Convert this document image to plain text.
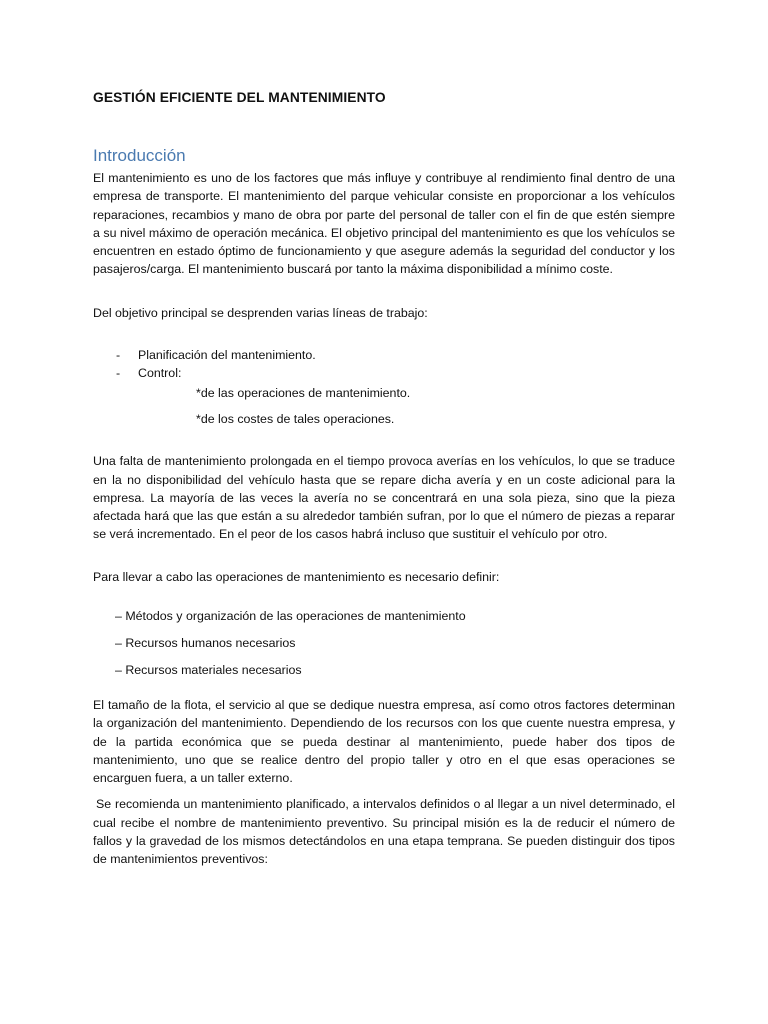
GESTIÓN EFICIENTE DEL MANTENIMIENTO
Introducción

El mantenimiento es uno de los factores que más influye y contribuye al rendimiento final dentro de una empresa de transporte. El mantenimiento del parque vehicular consiste en proporcionar a los vehículos reparaciones, recambios y mano de obra por parte del personal de taller con el fin de que estén siempre a su nivel máximo de operación mecánica. El objetivo principal del mantenimiento es que los vehículos se encuentren en estado óptimo de funcionamiento y que asegure además la seguridad del conductor y los pasajeros/carga. El mantenimiento buscará por tanto la máxima disponibilidad a mínimo coste.

Del objetivo principal se desprenden varias líneas de trabajo:

- Planificación del mantenimiento.
- Control:
*de las operaciones de mantenimiento.
*de los costes de tales operaciones.

Una falta de mantenimiento prolongada en el tiempo provoca averías en los vehículos, lo que se traduce en la no disponibilidad del vehículo hasta que se repare dicha avería y en un coste adicional para la empresa. La mayoría de las veces la avería no se concentrará en una sola pieza, sino que la pieza afectada hará que las que están a su alrededor también sufran, por lo que el número de piezas a reparar se verá incrementado. En el peor de los casos habrá incluso que sustituir el vehículo por otro.

Para llevar a cabo las operaciones de mantenimiento es necesario definir:

– Métodos y organización de las operaciones de mantenimiento
– Recursos humanos necesarios
– Recursos materiales necesarios

El tamaño de la flota, el servicio al que se dedique nuestra empresa, así como otros factores determinan la organización del mantenimiento. Dependiendo de los recursos con los que cuente nuestra empresa, y de la partida económica que se pueda destinar al mantenimiento, puede haber dos tipos de mantenimiento, uno que se realice dentro del propio taller y otro en el que esas operaciones se encarguen fuera, a un taller externo.

Se recomienda un mantenimiento planificado, a intervalos definidos o al llegar a un nivel determinado, el cual recibe el nombre de mantenimiento preventivo. Su principal misión es la de reducir el número de fallos y la gravedad de los mismos detectándolos en una etapa temprana. Se pueden distinguir dos tipos de mantenimientos preventivos:
